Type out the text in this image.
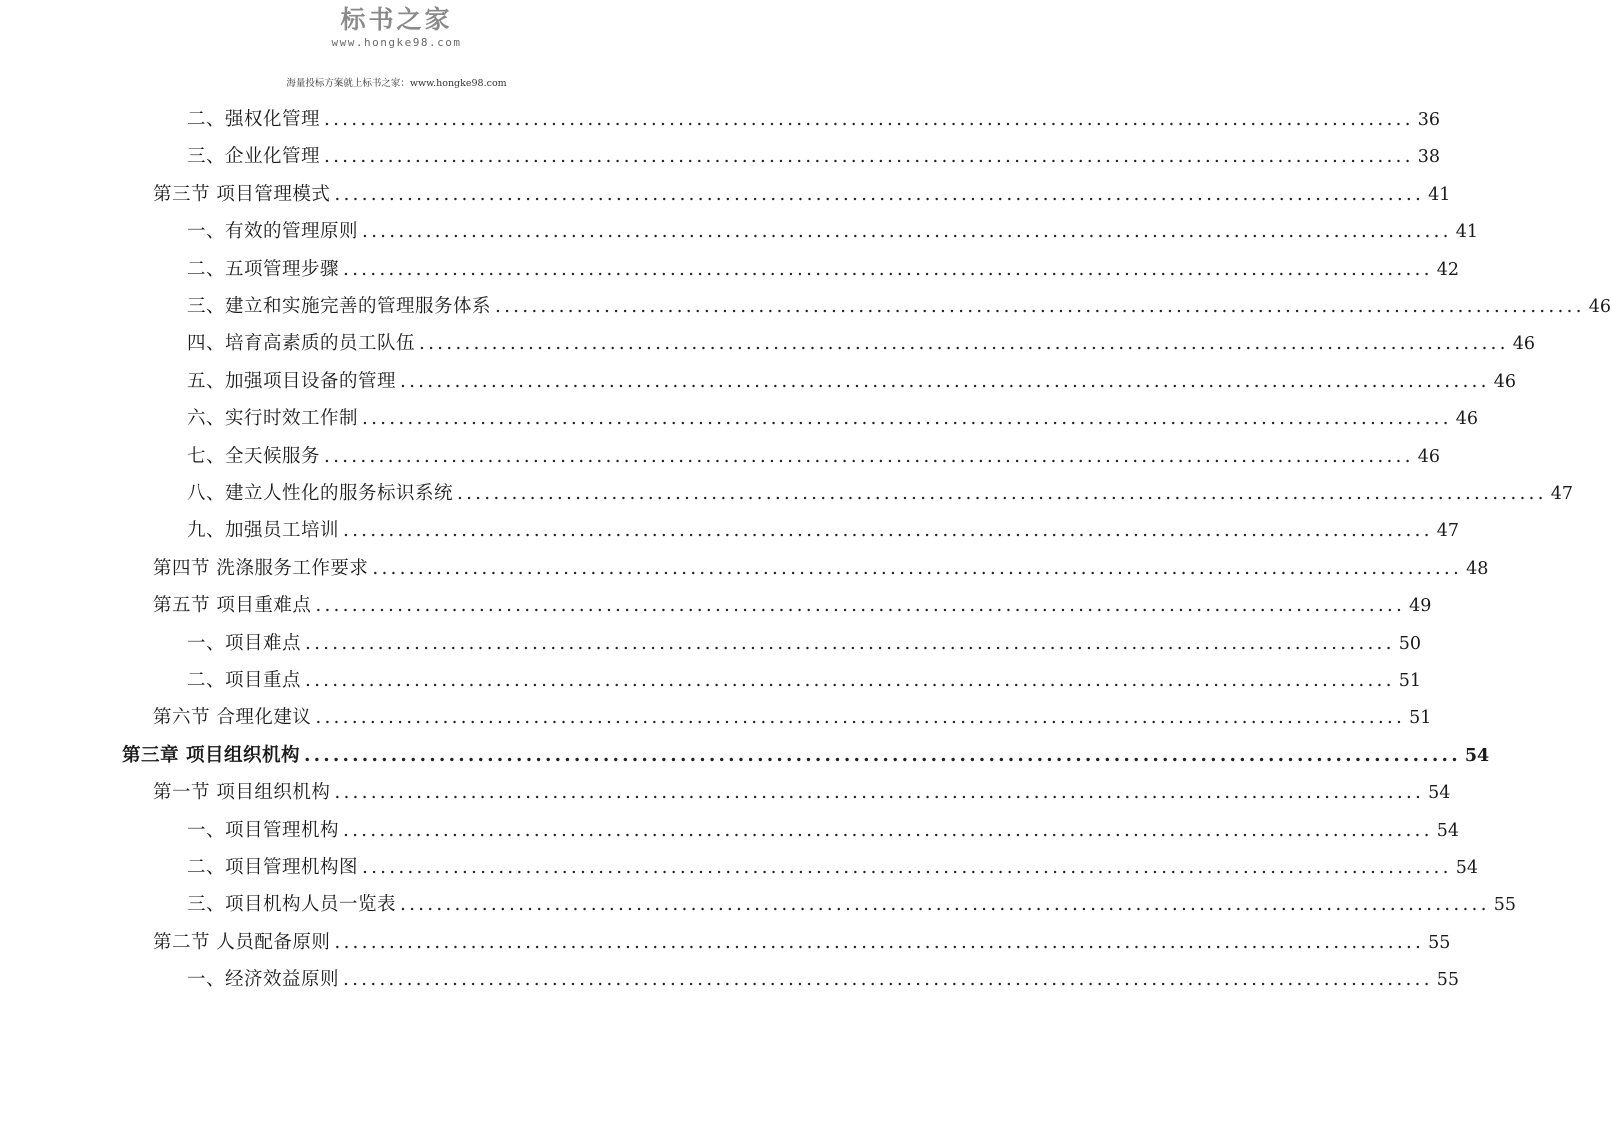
标书之家
www.hongke98.com
海量投标方案就上标书之家：www.hongke98.com
二、强权化管理 ........................................................................................................................ 36
三、企业化管理 ........................................................................................................................ 38
第三节 项目管理模式 ........................................................................................................................ 41
一、有效的管理原则 ........................................................................................................................ 41
二、五项管理步骤 ........................................................................................................................ 42
三、建立和实施完善的管理服务体系 ........................................................................................................................ 46
四、培育高素质的员工队伍 ........................................................................................................................ 46
五、加强项目设备的管理 ........................................................................................................................ 46
六、实行时效工作制 ........................................................................................................................ 46
七、全天候服务 ........................................................................................................................ 46
八、建立人性化的服务标识系统 ........................................................................................................................ 47
九、加强员工培训 ........................................................................................................................ 47
第四节 洗涤服务工作要求 ........................................................................................................................ 48
第五节 项目重难点 ........................................................................................................................ 49
一、项目难点 ........................................................................................................................ 50
二、项目重点 ........................................................................................................................ 51
第六节 合理化建议 ........................................................................................................................ 51
第三章 项目组织机构 ........................................................................................................................ 54
第一节 项目组织机构 ........................................................................................................................ 54
一、项目管理机构 ........................................................................................................................ 54
二、项目管理机构图 ........................................................................................................................ 54
三、项目机构人员一览表 ........................................................................................................................ 55
第二节 人员配备原则 ........................................................................................................................ 55
一、经济效益原则 ........................................................................................................................ 55
